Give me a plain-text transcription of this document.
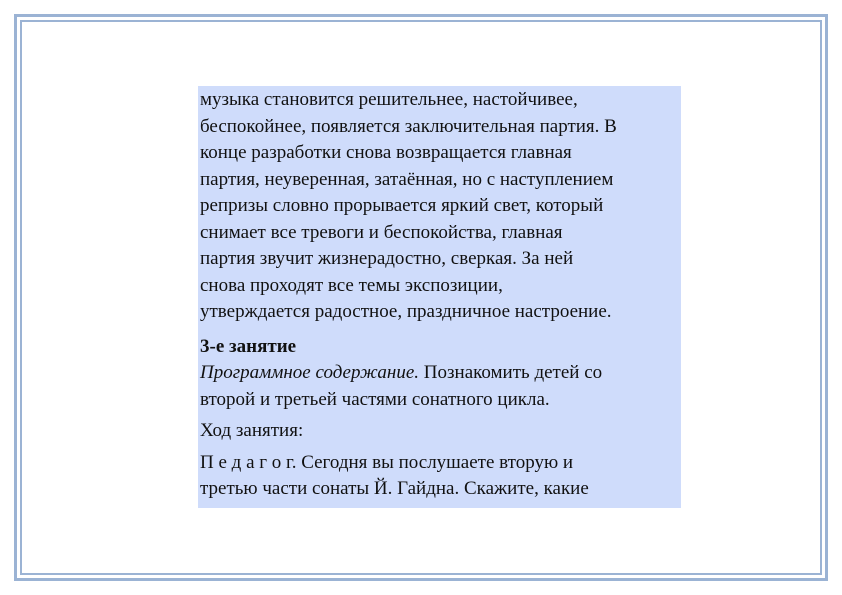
музыка становится решительнее, настойчивее,
беспокойнее, появляется заключительная партия. В
конце разработки снова возвращается главная
партия, неуверенная, затаённая, но с наступлением
репризы словно прорывается яркий свет, который
снимает все тревоги и беспокойства, главная
партия звучит жизнерадостно, сверкая. За ней
снова проходят все темы экспозиции,
утверждается радостное, праздничное настроение.
3-е занятие
Программное содержание. Познакомить детей со
второй и третьей частями сонатного цикла.
Ход занятия:
П е д а г о г. Сегодня вы послушаете вторую и
третью части сонаты Й. Гайдна. Скажите, какие
